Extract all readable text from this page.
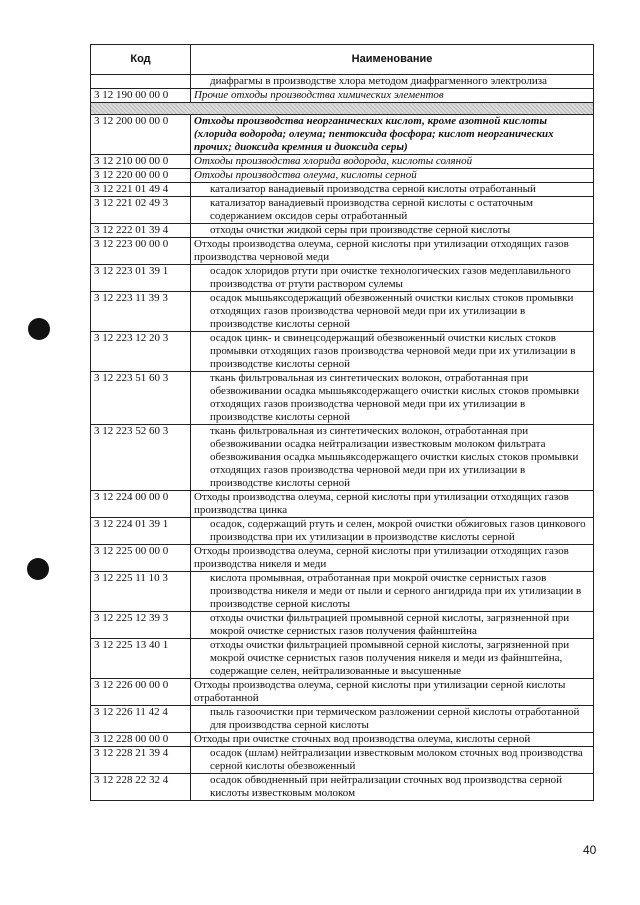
Код	Наименование
	диафрагмы в производстве хлора методом диафрагменного электролиза
3 12 190 00 00 0	Прочие отходы производства химических элементов

3 12 200 00 00 0	Отходы производства неорганических кислот, кроме азотной кислоты (хлорида водорода; олеума; пентоксида фосфора; кислот неорганических прочих; диоксида кремния и диоксида серы)
3 12 210 00 00 0	Отходы производства хлорида водорода, кислоты соляной
3 12 220 00 00 0	Отходы производства олеума, кислоты серной
3 12 221 01 49 4	катализатор ванадиевый производства серной кислоты отработанный
3 12 221 02 49 3	катализатор ванадиевый производства серной кислоты с остаточным содержанием оксидов серы отработанный
3 12 222 01 39 4	отходы очистки жидкой серы при производстве серной кислоты
3 12 223 00 00 0	Отходы производства олеума, серной кислоты при утилизации отходящих газов производства черновой меди
3 12 223 01 39 1	осадок хлоридов ртути при очистке технологических газов медеплавильного производства от ртути раствором сулемы
3 12 223 11 39 3	осадок мышьяксодержащий обезвоженный очистки кислых стоков промывки отходящих газов производства черновой меди при их утилизации в производстве кислоты серной
3 12 223 12 20 3	осадок цинк- и свинецсодержащий обезвоженный очистки кислых стоков промывки отходящих газов производства черновой меди при их утилизации в производстве кислоты серной
3 12 223 51 60 3	ткань фильтровальная из синтетических волокон, отработанная при обезвоживании осадка мышьяксодержащего очистки кислых стоков промывки отходящих газов производства черновой меди при их утилизации в производстве кислоты серной
3 12 223 52 60 3	ткань фильтровальная из синтетических волокон, отработанная при обезвоживании осадка нейтрализации известковым молоком фильтрата обезвоживания осадка мышьяксодержащего очистки кислых стоков промывки отходящих газов производства черновой меди при их утилизации в производстве кислоты серной
3 12 224 00 00 0	Отходы производства олеума, серной кислоты при утилизации отходящих газов производства цинка
3 12 224 01 39 1	осадок, содержащий ртуть и селен, мокрой очистки обжиговых газов цинкового производства при их утилизации в производстве кислоты серной
3 12 225 00 00 0	Отходы производства олеума, серной кислоты при утилизации отходящих газов производства никеля и меди
3 12 225 11 10 3	кислота промывная, отработанная при мокрой очистке сернистых газов производства никеля и меди от пыли и серного ангидрида при их утилизации в производстве серной кислоты
3 12 225 12 39 3	отходы очистки фильтрацией промывной серной кислоты, загрязненной при мокрой очистке сернистых газов получения файнштейна
3 12 225 13 40 1	отходы очистки фильтрацией промывной серной кислоты, загрязненной при мокрой очистке сернистых газов получения никеля и меди из файнштейна, содержащие селен, нейтрализованные и высушенные
3 12 226 00 00 0	Отходы производства олеума, серной кислоты при утилизации серной кислоты отработанной
3 12 226 11 42 4	пыль газоочистки при термическом разложении серной кислоты отработанной для производства серной кислоты
3 12 228 00 00 0	Отходы при очистке сточных вод производства олеума, кислоты серной
3 12 228 21 39 4	осадок (шлам) нейтрализации известковым молоком сточных вод производства серной кислоты обезвоженный
3 12 228 22 32 4	осадок обводненный при нейтрализации сточных вод производства серной кислоты известковым молоком
40
